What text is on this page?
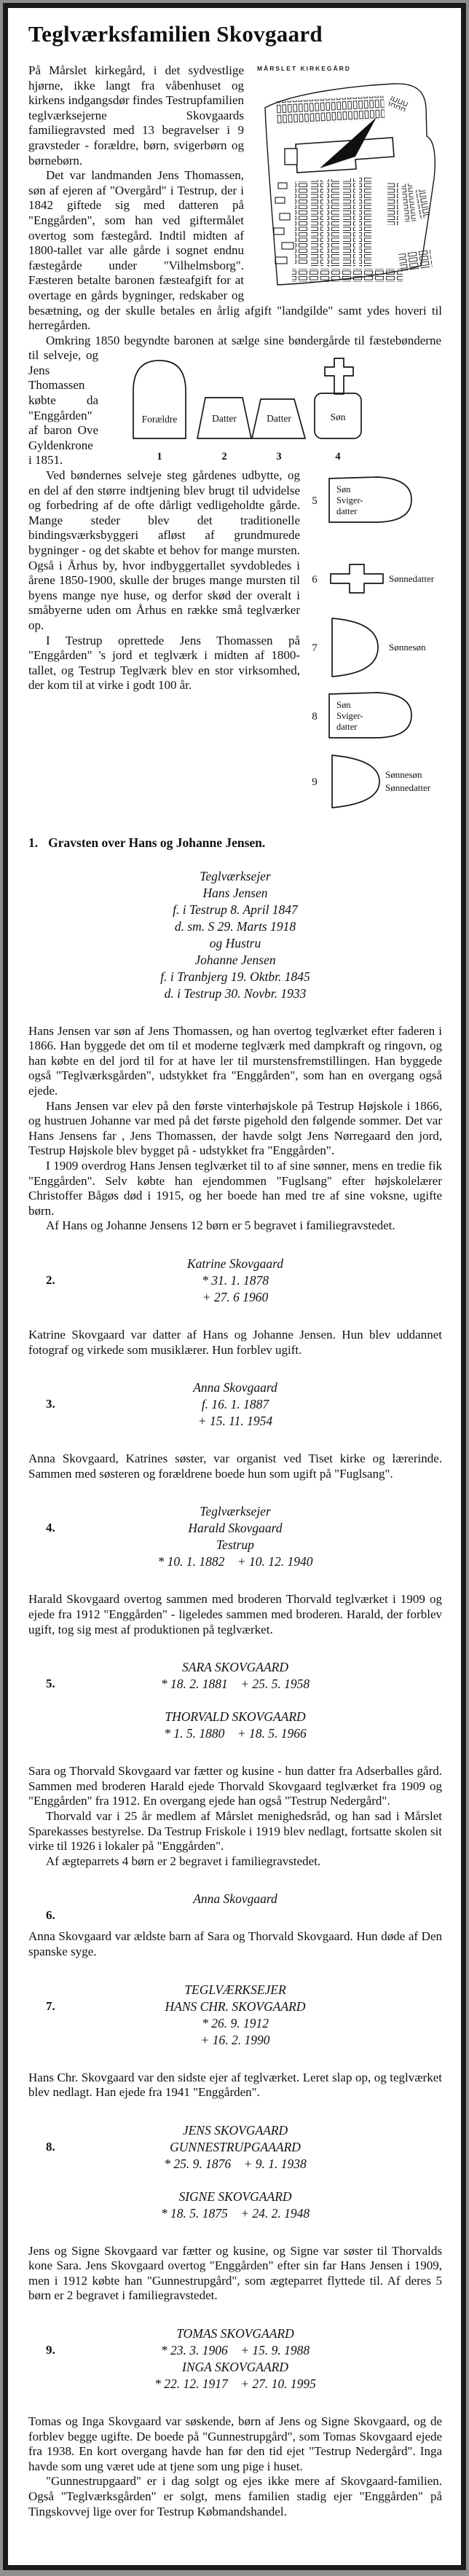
Teglværksfamilien Skovgaard
MÅRSLET KIRKEGÅRD

På Mårslet kirkegård, i det sydvestlige hjørne, ikke langt fra våbenhuset og kirkens indgangsdør findes Testrupfamilien teglværksejerne Skovgaards familiegravsted med 13 begravelser i 9 gravsteder - forældre, børn, svigerbørn og børnebørn.

Det var landmanden Jens Thomassen, søn af ejeren af "Overgård" i Testrup, der i 1842 giftede sig med datteren på "Enggården", som han ved giftermålet overtog som fæstegård. Indtil midten af 1800-tallet var alle gårde i sognet endnu fæstegårde under "Vilhelmsborg". Fæsteren betalte baronen fæsteafgift for at overtage en gårds bygninger, redskaber og besætning, og der skulle betales en årlig afgift "landgilde" samt ydes hoveri til herregården.

Forældre	Datter	Datter	Søn
1	2	3	4
5
6
7
8
9
Søn
Sviger-
datter
Søn
Sviger-
datter
Sønnedatter
Sønnesøn
Sønnesøn
Sønnedatter

Omkring 1850 begyndte baronen at sælge sine bøndergårde til fæstebønderne til selveje, og Jens Thomassen købte da "Enggården" af baron Ove Gyldenkrone i 1851.

Ved bøndernes selveje steg gårdenes udbytte, og en del af den større indtjening blev brugt til udvidelse og forbedring af de ofte dårligt vedligeholdte gårde. Mange steder blev det traditionelle bindingsværksbyggeri afløst af grundmurede bygninger - og det skabte et behov for mange mursten. Også i Århus by, hvor indbyggertallet syvdobledes i årene 1850-1900, skulle der bruges mange mursten til byens mange nye huse, og derfor skød der overalt i småbyerne uden om Århus en række små teglværker op.

I Testrup oprettede Jens Thomassen på "Enggården" 's jord et teglværk i midten af 1800-tallet, og Testrup Teglværk blev en stor virksomhed, der kom til at virke i godt 100 år.

1. Gravsten over Hans og Johanne Jensen.
Teglværksejer
Hans Jensen
f. i Testrup 8. April 1847
d. sm. S 29. Marts 1918
og Hustru
Johanne Jensen
f. i Tranbjerg 19. Oktbr. 1845
d. i Testrup 30. Novbr. 1933

Hans Jensen var søn af Jens Thomassen, og han overtog teglværket efter faderen i 1866. Han byggede det om til et moderne teglværk med dampkraft og ringovn, og han købte en del jord til for at have ler til murstensfremstillingen. Han byggede også "Teglværksgården", udstykket fra "Enggården", som han en overgang også ejede.

Hans Jensen var elev på den første vinterhøjskole på Testrup Højskole i 1866, og hustruen Johanne var med på det første pigehold den følgende sommer. Det var Hans Jensens far , Jens Thomassen, der havde solgt Jens Nørregaard den jord, Testrup Højskole blev bygget på - udstykket fra "Enggården".

I 1909 overdrog Hans Jensen teglværket til to af sine sønner, mens en tredie fik "Enggården". Selv købte han ejendommen "Fuglsang" efter højskolelærer Christoffer Bågøs død i 1915, og her boede han med tre af sine voksne, ugifte børn.

Af Hans og Johanne Jensens 12 børn er 5 begravet i familiegravstedet.

2.
Katrine Skovgaard
* 31. 1. 1878
+ 27. 6 1960

Katrine Skovgaard var datter af Hans og Johanne Jensen. Hun blev uddannet fotograf og virkede som musiklærer. Hun forblev ugift.

3.
Anna Skovgaard
f. 16. 1. 1887
+ 15. 11. 1954

Anna Skovgaard, Katrines søster, var organist ved Tiset kirke og lærerinde. Sammen med søsteren og forældrene boede hun som ugift på "Fuglsang".

4.
Teglværksejer
Harald Skovgaard
Testrup
* 10. 1. 1882 + 10. 12. 1940

Harald Skovgaard overtog sammen med broderen Thorvald teglværket i 1909 og ejede fra 1912 "Enggården" - ligeledes sammen med broderen. Harald, der forblev ugift, tog sig mest af produktionen på teglværket.

5.
SARA SKOVGAARD
* 18. 2. 1881 + 25. 5. 1958
THORVALD SKOVGAARD
* 1. 5. 1880 + 18. 5. 1966

Sara og Thorvald Skovgaard var fætter og kusine - hun datter fra Adserballes gård. Sammen med broderen Harald ejede Thorvald Skovgaard teglværket fra 1909 og "Enggården" fra 1912. En overgang ejede han også "Testrup Nedergård".

Thorvald var i 25 år medlem af Mårslet menighedsråd, og han sad i Mårslet Sparekasses bestyrelse. Da Testrup Friskole i 1919 blev nedlagt, fortsatte skolen sit virke til 1926 i lokaler på "Enggården".

Af ægteparrets 4 børn er 2 begravet i familiegravstedet.

6.
Anna Skovgaard

Anna Skovgaard var ældste barn af Sara og Thorvald Skovgaard. Hun døde af Den spanske syge.

7.
TEGLVÆRKSEJER
HANS CHR. SKOVGAARD
* 26. 9. 1912
+ 16. 2. 1990

Hans Chr. Skovgaard var den sidste ejer af teglværket. Leret slap op, og teglværket blev nedlagt. Han ejede fra 1941 "Enggården".

8.
JENS SKOVGAARD
GUNNESTRUPGAAARD
* 25. 9. 1876 + 9. 1. 1938
SIGNE SKOVGAARD
* 18. 5. 1875 + 24. 2. 1948

Jens og Signe Skovgaard var fætter og kusine, og Signe var søster til Thorvalds kone Sara. Jens Skovgaard overtog "Enggården" efter sin far Hans Jensen i 1909, men i 1912 købte han "Gunnestrupgård", som ægteparret flyttede til. Af deres 5 børn er 2 begravet i familiegravstedet.

9.
TOMAS SKOVGAARD
* 23. 3. 1906 + 15. 9. 1988
INGA SKOVGAARD
* 22. 12. 1917 + 27. 10. 1995

Tomas og Inga Skovgaard var søskende, børn af Jens og Signe Skovgaard, og de forblev begge ugifte. De boede på "Gunnestrupgård", som Tomas Skovgaard ejede fra 1938. En kort overgang havde han før den tid ejet "Testrup Nedergård". Inga havde som ung været ude at tjene som ung pige i huset.

"Gunnestrupgaard" er i dag solgt og ejes ikke mere af Skovgaard-familien. Også "Teglværksgården" er solgt, mens familien stadig ejer "Enggården" på Tingskovvej lige over for Testrup Købmandshandel.
